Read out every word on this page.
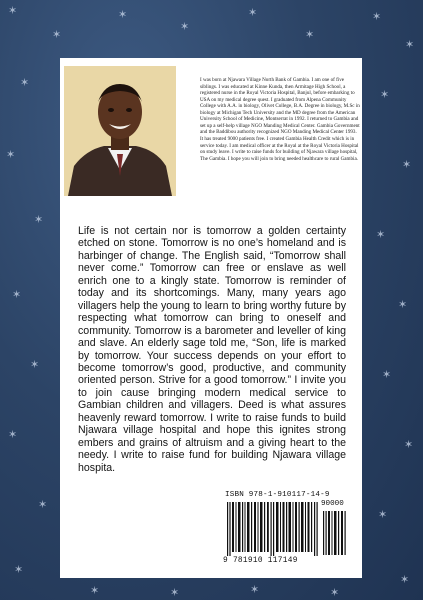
✶
✶
✶
✶
✶
✶
✶
✶
✶
✶
✶
✶
✶
✶
✶
✶
✶
✶
✶
✶
✶
✶
✶
✶
✶	✶	✶	✶

I was born at Njawara Village North Bank of Gambia. I am one of five siblings. I was educated at Kinne Kunda, then Armitage High School, a registered nurse in the Royal Victoria Hospital, Banjul, before embarking to USA on my medical degree quest. I graduated from Alpena Community College with A.A. in biology, Olivet College, B.A. Degree in biology, M.Sc in biology at Michigan Tech University and the MD degree from the American University School of Medicine, Montserrat in 1992. I returned to Gambia and set up a self-help village NGO Manding Medical Center. Gambia Government and the Baddibou authority recognized NGO Manding Medical Center 1993. It has treated 9000 patients free. I created Gambia Health Credit which is in service today. I am medical officer at the Royal at the Royal Victoria Hospital on study leave. I write to raise funds for building of Njawara village hospital, The Gambia. I hope you will join to bring needed healthcare to rural Gambia.

Life is not certain nor is tomorrow a golden certainty etched on stone. Tomorrow is no one’s homeland and is harbinger of change. The English said, “Tomorrow shall never come.” Tomorrow can free or enslave as well enrich one to a kingly state. Tomorrow is reminder of today and its shortcomings. Many, many years ago villagers help the young to learn to bring worthy future by respecting what tomorrow can bring to oneself and community. Tomorrow is a barometer and leveller of king and slave. An elderly sage told me, “Son, life is marked by tomorrow. Your success depends on your effort to become tomorrow’s good, productive, and community oriented person. Strive for a good tomorrow.” I invite you to join cause bringing modern medical service to Gambian children and villagers. Deed is what assures heavenly reward tomorrow. I write to raise funds to build Njawara village hospital and hope this ignites strong embers and grains of altruism and a giving heart to the needy. I write to raise fund for building Njawara village hospita.

ISBN 978-1-910117-14-9
90000
9 781910 117149
